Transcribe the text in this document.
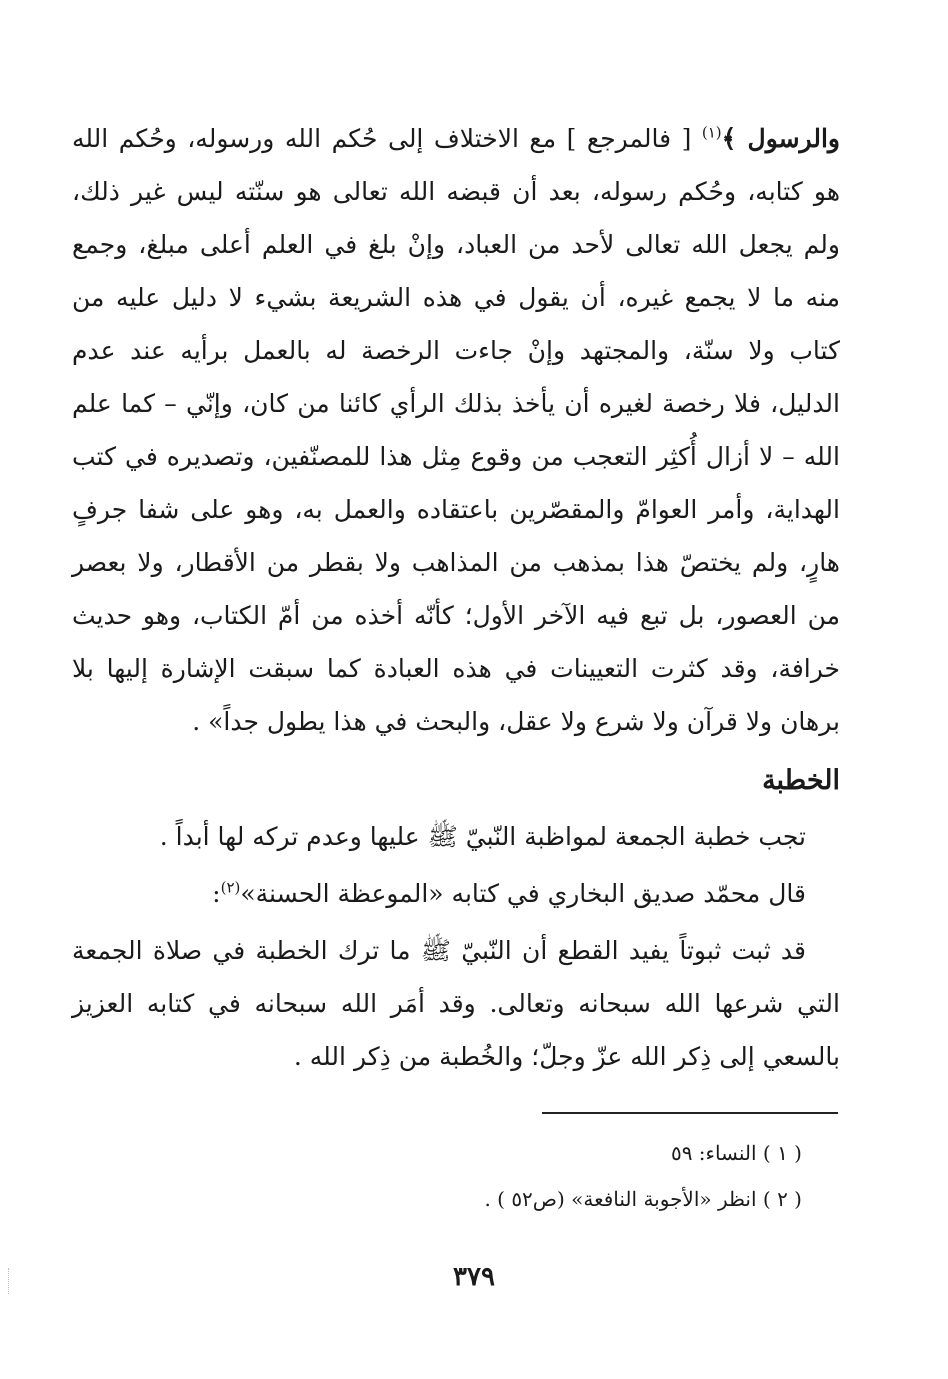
والرسول ﴾$^{(١)}$ [ فالمرجع ] مع الاختلاف إلى حُكم الله ورسوله، وحُكم الله هو كتابه، وحُكم رسوله، بعد أن قبضه الله تعالى هو سنّته ليس غير ذلك، ولم يجعل الله تعالى لأحد من العباد، وإنْ بلغ في العلم أعلى مبلغ، وجمع منه ما لا يجمع غيره، أن يقول في هذه الشريعة بشيء لا دليل عليه من كتاب ولا سنّة، والمجتهد وإنْ جاءت الرخصة له بالعمل برأيه عند عدم الدليل، فلا رخصة لغيره أن يأخذ بذلك الرأي كائنا من كان، وإنّي – كما علم الله – لا أزال أُكثِر التعجب من وقوع مِثل هذا للمصنّفين، وتصديره في كتب الهداية، وأمر العوامّ والمقصّرين باعتقاده والعمل به، وهو على شفا جرفٍ هارٍ، ولم يختصّ هذا بمذهب من المذاهب ولا بقطر من الأقطار، ولا بعصر من العصور، بل تبع فيه الآخر الأول؛ كأنّه أخذه من أمّ الكتاب، وهو حديث خرافة، وقد كثرت التعيينات في هذه العبادة كما سبقت الإشارة إليها بلا برهان ولا قرآن ولا شرع ولا عقل، والبحث في هذا يطول جداً» .

الخطبة

تجب خطبة الجمعة لمواظبة النّبيّ ﷺ عليها وعدم تركه لها أبداً .

قال محمّد صديق البخاري في كتابه «الموعظة الحسنة»$^{(٢)}$:

قد ثبت ثبوتاً يفيد القطع أن النّبيّ ﷺ ما ترك الخطبة في صلاة الجمعة التي شرعها الله سبحانه وتعالى. وقد أمَر الله سبحانه في كتابه العزيز بالسعي إلى ذِكر الله عزّ وجلّ؛ والخُطبة من ذِكر الله .

( ١ ) النساء: ٥٩

( ٢ ) انظر «الأجوبة النافعة» (ص٥٢ ) .

٣٧٩
